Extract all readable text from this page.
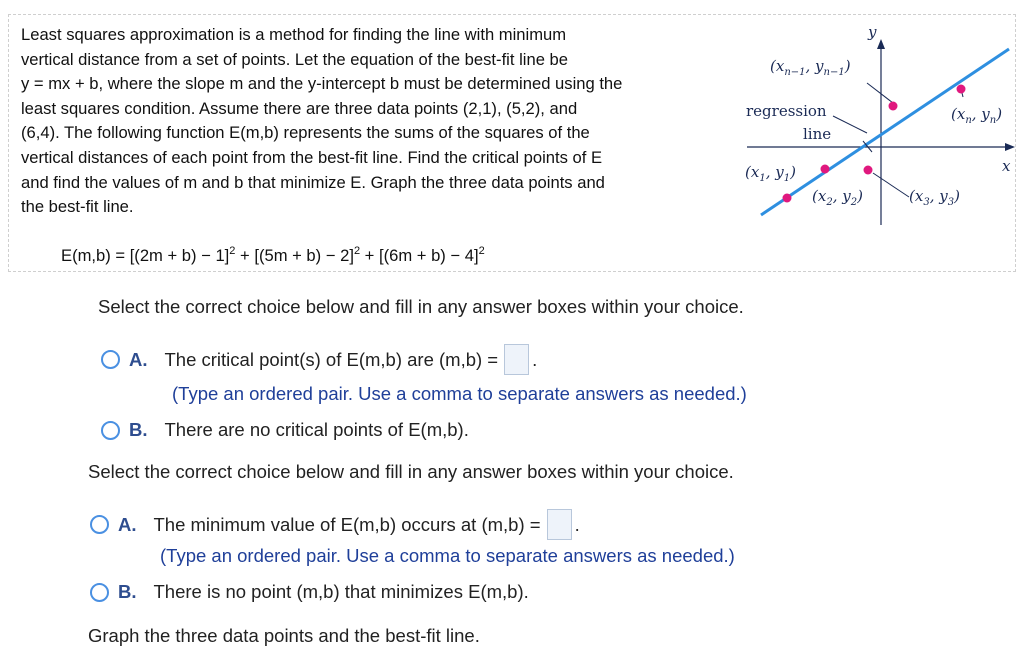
Least squares approximation is a method for finding the line with minimum
vertical distance from a set of points. Let the equation of the best-fit line be
y = mx + b, where the slope m and the y-intercept b must be determined using the
least squares condition. Assume there are three data points (2,1), (5,2), and
(6,4). The following function E(m,b) represents the sums of the squares of the
vertical distances of each point from the best-fit line. Find the critical points of E
and find the values of m and b that minimize E. Graph the three data points and
the best-fit line.
$E(m,b) = [(2m + b) - 1]^2 + [(5m + b) - 2]^2 + [(6m + b) - 4]^2$
y
x
($x_{n-1}$, $y_{n-1}$)
regression
line
($x_n$, $y_n$)
($x_1$, $y_1$)
($x_2$, $y_2$)	($x_3$, $y_3$)
Select the correct choice below and fill in any answer boxes within your choice.
A. The critical point(s) of E(m,b) are (m,b) = .
(Type an ordered pair. Use a comma to separate answers as needed.)
B. There are no critical points of E(m,b).
Select the correct choice below and fill in any answer boxes within your choice.
A. The minimum value of E(m,b) occurs at (m,b) = .
(Type an ordered pair. Use a comma to separate answers as needed.)
B. There is no point (m,b) that minimizes E(m,b).
Graph the three data points and the best-fit line.
